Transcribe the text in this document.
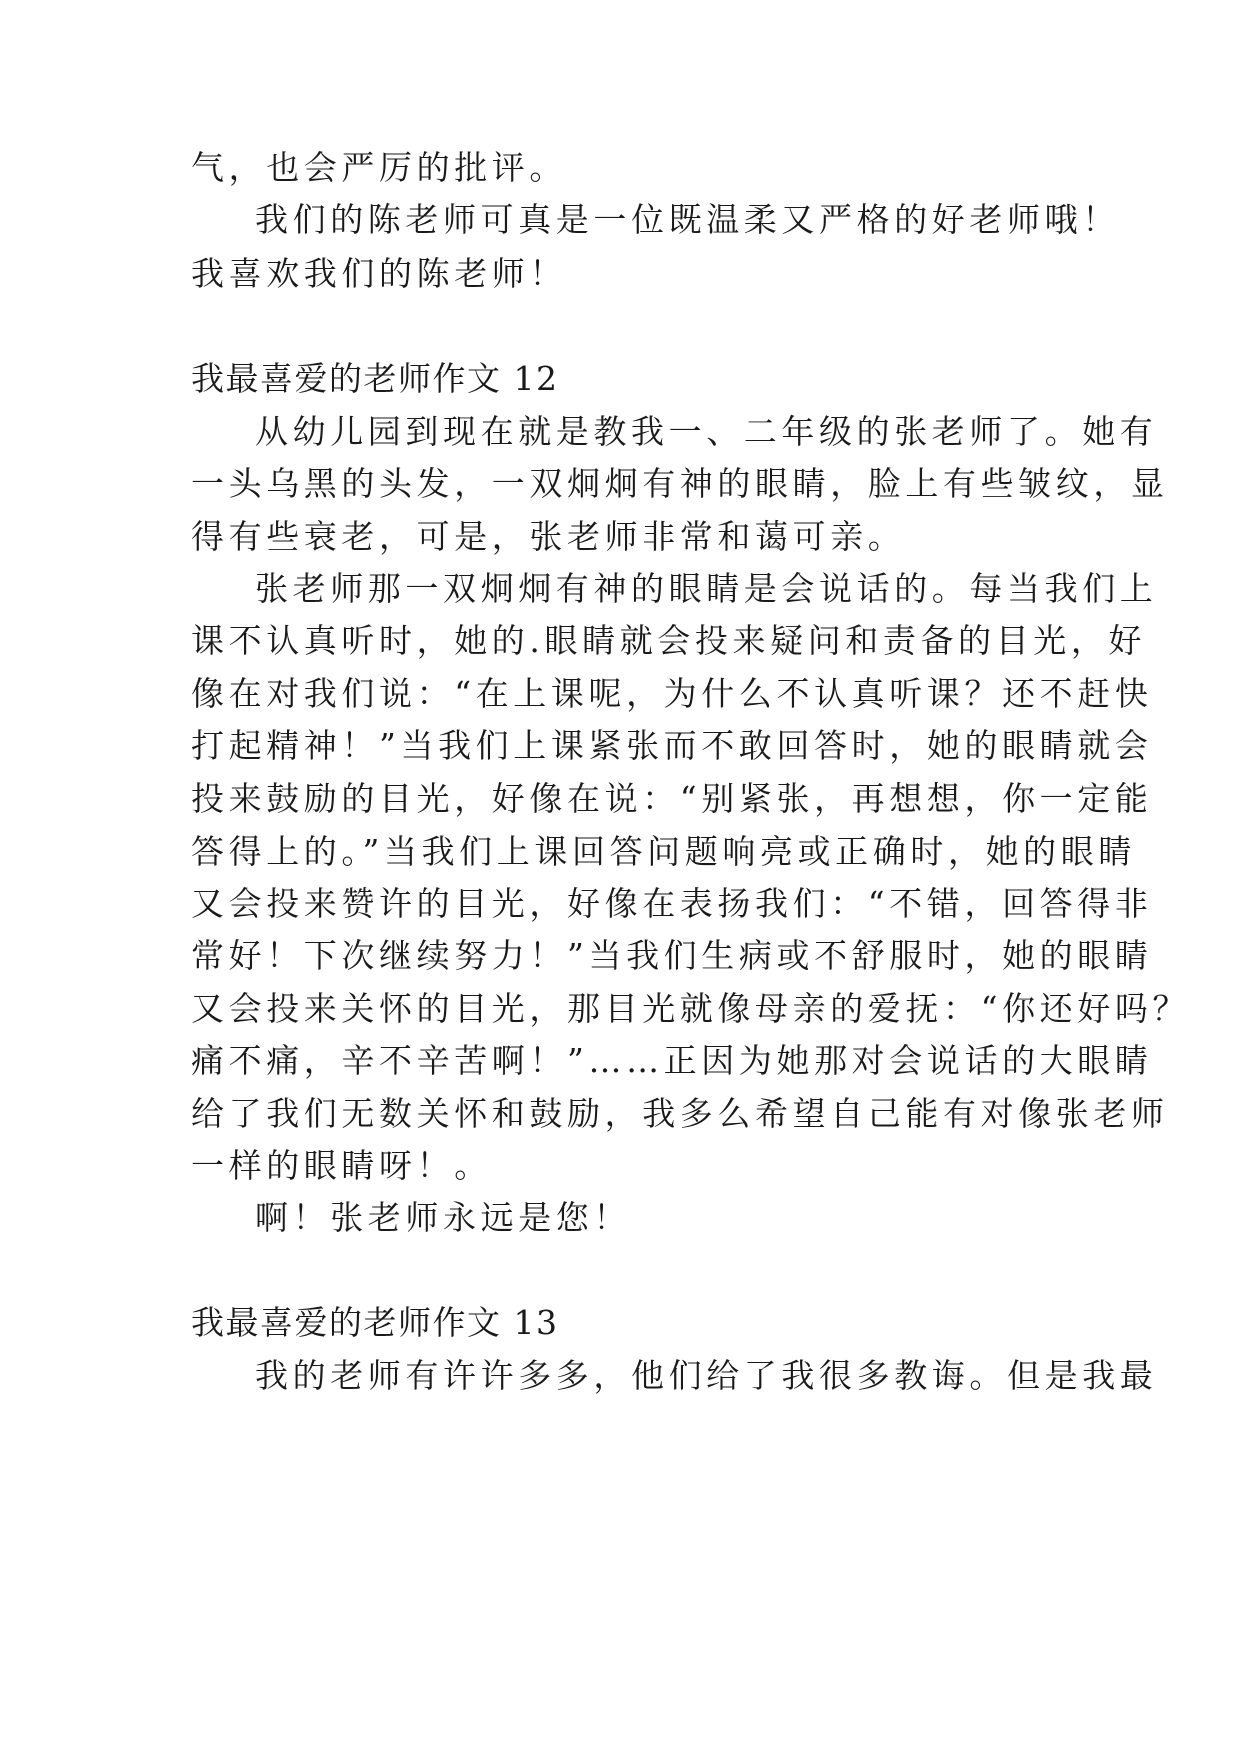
气，也会严厉的批评。
我们的陈老师可真是一位既温柔又严格的好老师哦！
我喜欢我们的陈老师！
我最喜爱的老师作文 12
从幼儿园到现在就是教我一、二年级的张老师了。她有
一头乌黑的头发，一双炯炯有神的眼睛，脸上有些皱纹，显
得有些衰老，可是，张老师非常和蔼可亲。
张老师那一双炯炯有神的眼睛是会说话的。每当我们上
课不认真听时，她的.眼睛就会投来疑问和责备的目光，好
像在对我们说：“在上课呢，为什么不认真听课？还不赶快
打起精神！”当我们上课紧张而不敢回答时，她的眼睛就会
投来鼓励的目光，好像在说：“别紧张，再想想，你一定能
答得上的。”当我们上课回答问题响亮或正确时，她的眼睛
又会投来赞许的目光，好像在表扬我们：“不错，回答得非
常好！下次继续努力！”当我们生病或不舒服时，她的眼睛
又会投来关怀的目光，那目光就像母亲的爱抚：“你还好吗？
痛不痛，辛不辛苦啊！”……正因为她那对会说话的大眼睛
给了我们无数关怀和鼓励，我多么希望自己能有对像张老师
一样的眼睛呀！。
啊！张老师永远是您！
我最喜爱的老师作文 13
我的老师有许许多多，他们给了我很多教诲。但是我最
